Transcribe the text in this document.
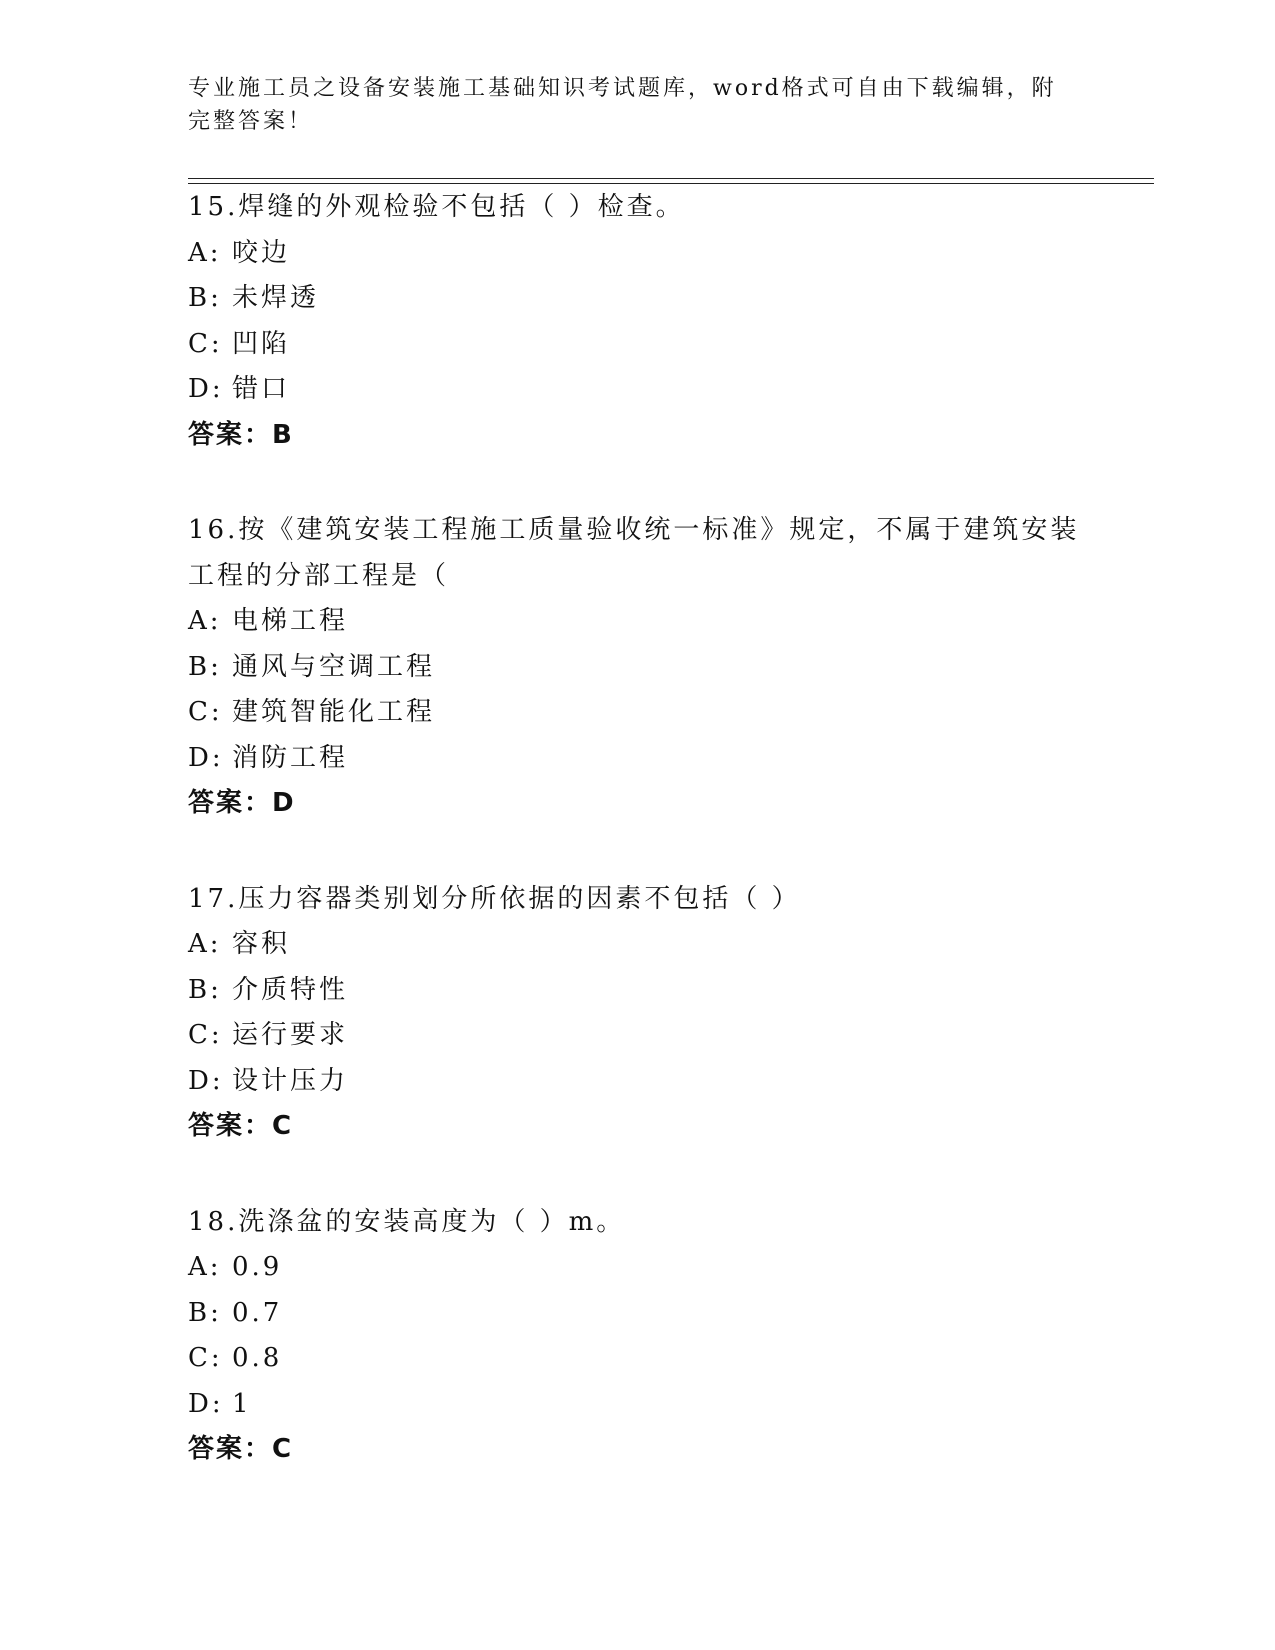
专业施工员之设备安装施工基础知识考试题库，word格式可自由下载编辑，附完整答案！
15.焊缝的外观检验不包括（ ）检查。
A: 咬边
B: 未焊透
C: 凹陷
D: 错口
答案：B
16.按《建筑安装工程施工质量验收统一标准》规定，不属于建筑安装工程的分部工程是（
A: 电梯工程
B: 通风与空调工程
C: 建筑智能化工程
D: 消防工程
答案：D
17.压力容器类别划分所依据的因素不包括（ ）
A: 容积
B: 介质特性
C: 运行要求
D: 设计压力
答案：C
18.洗涤盆的安装高度为（ ）m。
A: 0.9
B: 0.7
C: 0.8
D: 1
答案：C
